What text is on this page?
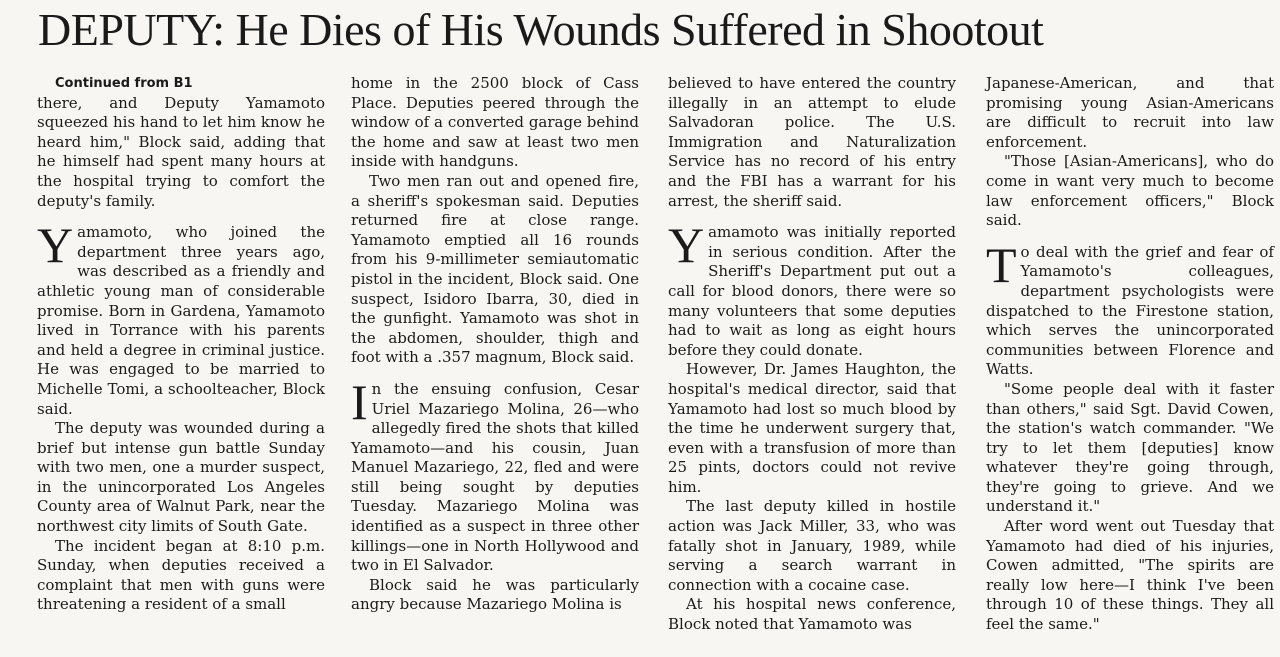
DEPUTY: He Dies of His Wounds Suffered in Shootout

Continued from B1

there, and Deputy Yamamoto squeezed his hand to let him know he heard him," Block said, adding that he himself had spent many hours at the hospital trying to comfort the deputy's family.

Yamamoto, who joined the department three years ago, was described as a friendly and athletic young man of considerable promise. Born in Gardena, Yamamoto lived in Torrance with his parents and held a degree in criminal justice. He was engaged to be married to Michelle Tomi, a schoolteacher, Block said.

The deputy was wounded during a brief but intense gun battle Sunday with two men, one a murder suspect, in the unincorporated Los Angeles County area of Walnut Park, near the northwest city limits of South Gate.

The incident began at 8:10 p.m. Sunday, when deputies received a complaint that men with guns were threatening a resident of a small

home in the 2500 block of Cass Place. Deputies peered through the window of a converted garage behind the home and saw at least two men inside with handguns.

Two men ran out and opened fire, a sheriff's spokesman said. Deputies returned fire at close range. Yamamoto emptied all 16 rounds from his 9-millimeter semiautomatic pistol in the incident, Block said. One suspect, Isidoro Ibarra, 30, died in the gunfight. Yamamoto was shot in the abdomen, shoulder, thigh and foot with a .357 magnum, Block said.

In the ensuing confusion, Cesar Uriel Mazariego Molina, 26—who allegedly fired the shots that killed Yamamoto—and his cousin, Juan Manuel Mazariego, 22, fled and were still being sought by deputies Tuesday. Mazariego Molina was identified as a suspect in three other killings—one in North Hollywood and two in El Salvador.

Block said he was particularly angry because Mazariego Molina is

believed to have entered the country illegally in an attempt to elude Salvadoran police. The U.S. Immigration and Naturalization Service has no record of his entry and the FBI has a warrant for his arrest, the sheriff said.

Yamamoto was initially reported in serious condition. After the Sheriff's Department put out a call for blood donors, there were so many volunteers that some deputies had to wait as long as eight hours before they could donate.

However, Dr. James Haughton, the hospital's medical director, said that Yamamoto had lost so much blood by the time he underwent surgery that, even with a transfusion of more than 25 pints, doctors could not revive him.

The last deputy killed in hostile action was Jack Miller, 33, who was fatally shot in January, 1989, while serving a search warrant in connection with a cocaine case.

At his hospital news conference, Block noted that Yamamoto was

Japanese-American, and that promising young Asian-Americans are difficult to recruit into law enforcement.

"Those [Asian-Americans], who do come in want very much to become law enforcement officers," Block said.

To deal with the grief and fear of Yamamoto's colleagues, department psychologists were dispatched to the Firestone station, which serves the unincorporated communities between Florence and Watts.

"Some people deal with it faster than others," said Sgt. David Cowen, the station's watch commander. "We try to let them [deputies] know whatever they're going through, they're going to grieve. And we understand it."

After word went out Tuesday that Yamamoto had died of his injuries, Cowen admitted, "The spirits are really low here—I think I've been through 10 of these things. They all feel the same."
